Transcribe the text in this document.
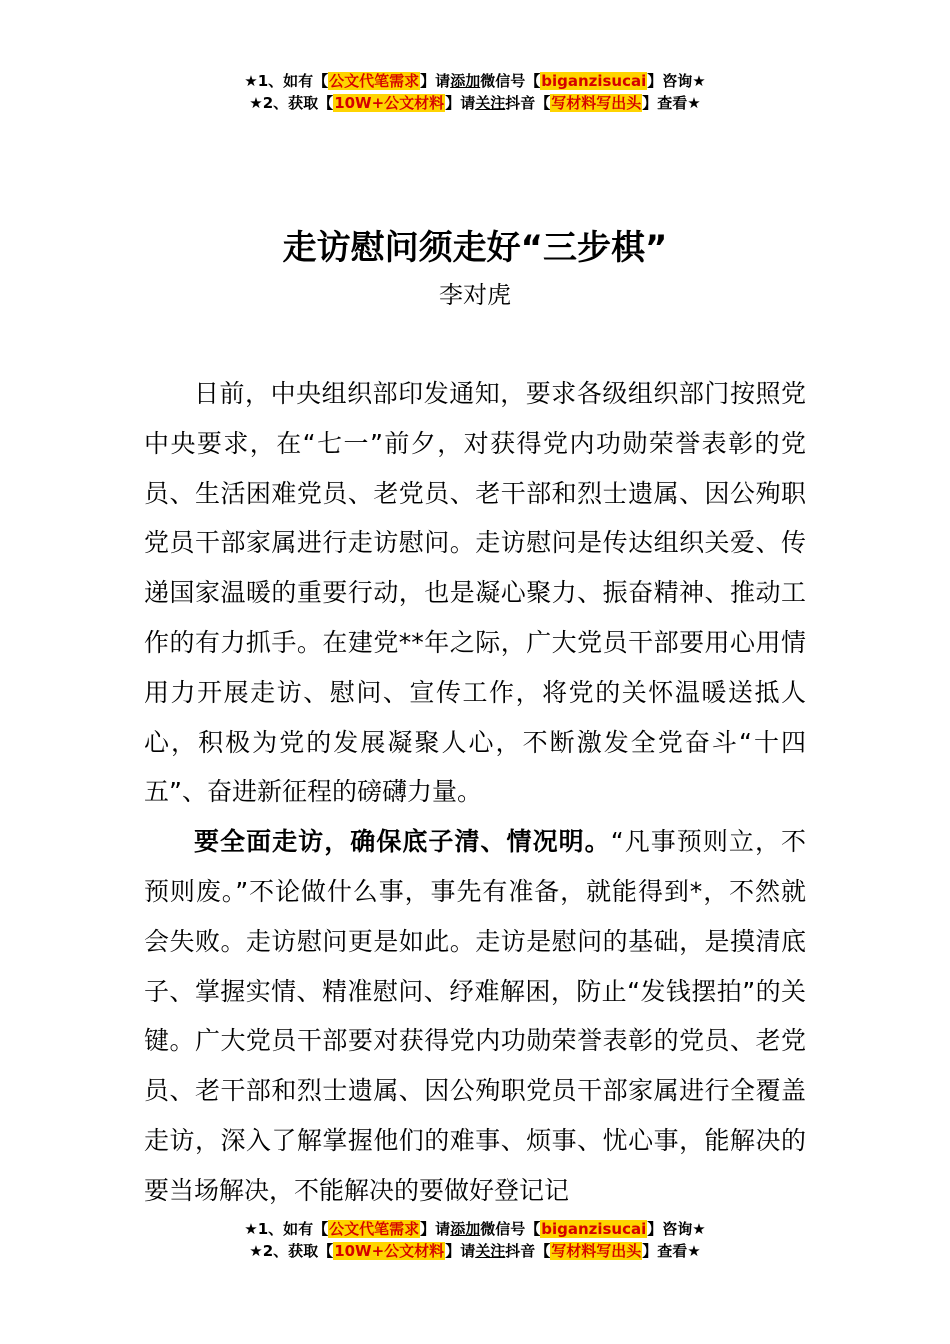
★1、如有【公文代笔需求】请添加微信号【biganzisucai】咨询★
★2、获取【10W+公文材料】请关注抖音【写材料写出头】查看★
走访慰问须走好“三步棋”
李对虎

日前，中央组织部印发通知，要求各级组织部门按照党中央要求，在“七一”前夕，对获得党内功勋荣誉表彰的党员、生活困难党员、老党员、老干部和烈士遗属、因公殉职党员干部家属进行走访慰问。走访慰问是传达组织关爱、传递国家温暖的重要行动，也是凝心聚力、振奋精神、推动工作的有力抓手。在建党**年之际，广大党员干部要用心用情用力开展走访、慰问、宣传工作，将党的关怀温暖送抵人心，积极为党的发展凝聚人心，不断激发全党奋斗“十四五”、奋进新征程的磅礴力量。

要全面走访，确保底子清、情况明。“凡事预则立，不预则废。”不论做什么事，事先有准备，就能得到*，不然就会失败。走访慰问更是如此。走访是慰问的基础，是摸清底子、掌握实情、精准慰问、纾难解困，防止“发钱摆拍”的关键。广大党员干部要对获得党内功勋荣誉表彰的党员、老党员、老干部和烈士遗属、因公殉职党员干部家属进行全覆盖走访，深入了解掌握他们的难事、烦事、忧心事，能解决的要当场解决，不能解决的要做好登记记

★1、如有【公文代笔需求】请添加微信号【biganzisucai】咨询★
★2、获取【10W+公文材料】请关注抖音【写材料写出头】查看★
